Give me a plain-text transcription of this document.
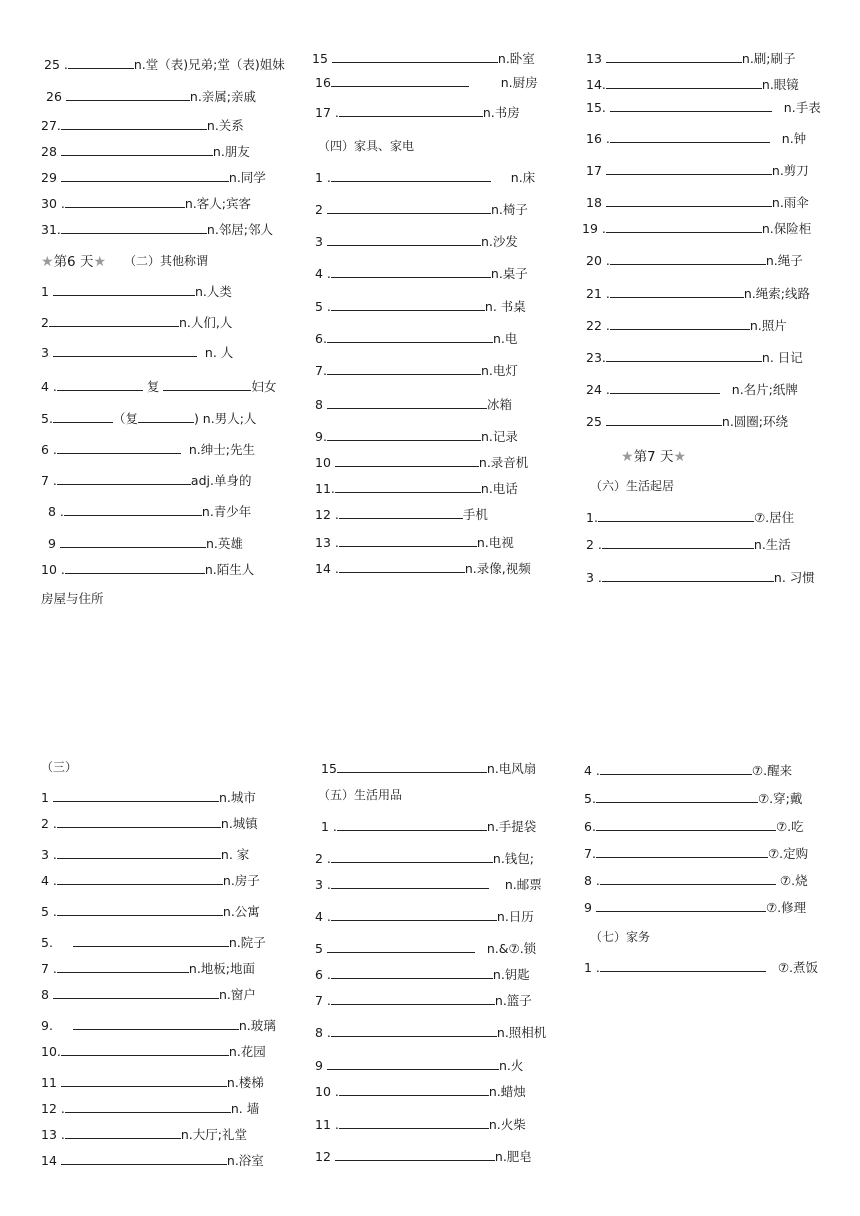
25 .	n.堂（表)兄弟;堂（表)姐妹
26	n.亲属;亲戚
27.	n.关系
28	n.朋友
29	n.同学
30 .	n.客人;宾客
31.	n.邻居;邻人
★第6 天★ （二）其他称谓
1	n.人类
2	n.人们,人
3	n. 人
4 .	复	妇女
5.	（复	) n.男人;人
6 .	n.绅士;先生
7 .	adj.单身的
8 .	n.青少年
9	n.英雄
10 .	n.陌生人
房屋与住所
15	n.卧室
16	n.厨房
17 .	n.书房
（四）家具、家电
1 .	n.床
2	n.椅子
3	n.沙发
4 .	n.桌子
5 .	n. 书桌
6.	n.电
7.	n.电灯
8	冰箱
9.	n.记录
10	n.录音机
11.	n.电话
12 .	手机
13 .	n.电视
14 .	n.录像,视频
13	n.刷;刷子
14.	n.眼镜
15.	n.手表
16 .	n.钟
17	n.剪刀
18	n.雨伞
19 .	n.保险柜
20 .	n.绳子
21 .	n.绳索;线路
22 .	n.照片
23.	n. 日记
24 .	n.名片;纸牌
25	n.圆圈;环绕
★第7 天★
（六）生活起居
1.	⑦.居住
2 .	n.生活
3 .	n. 习惯
（三）
1	n.城市
2 .	n.城镇
3 .	n. 家
4 .	n.房子
5 .	n.公寓
5.	n.院子
7 .	n.地板;地面
8	n.窗户
9.	n.玻璃
10.	n.花园
11	n.楼梯
12 .	n. 墙
13 .	n.大厅;礼堂
14	n.浴室
15	n.电风扇
（五）生活用品
1 .	n.手提袋
2 .	n.钱包;
3 .	n.邮票
4 .	n.日历
5	n.&⑦.锁
6 .	n.钥匙
7 .	n.篮子
8 .	n.照相机
9	n.火
10 .	n.蜡烛
11 .	n.火柴
12	n.肥皂
4 .	⑦.醒来
5.	⑦.穿;戴
6.	⑦.吃
7.	⑦.定购
8 .	⑦.烧
9	⑦.修理
（七）家务
1 .	⑦.煮饭
